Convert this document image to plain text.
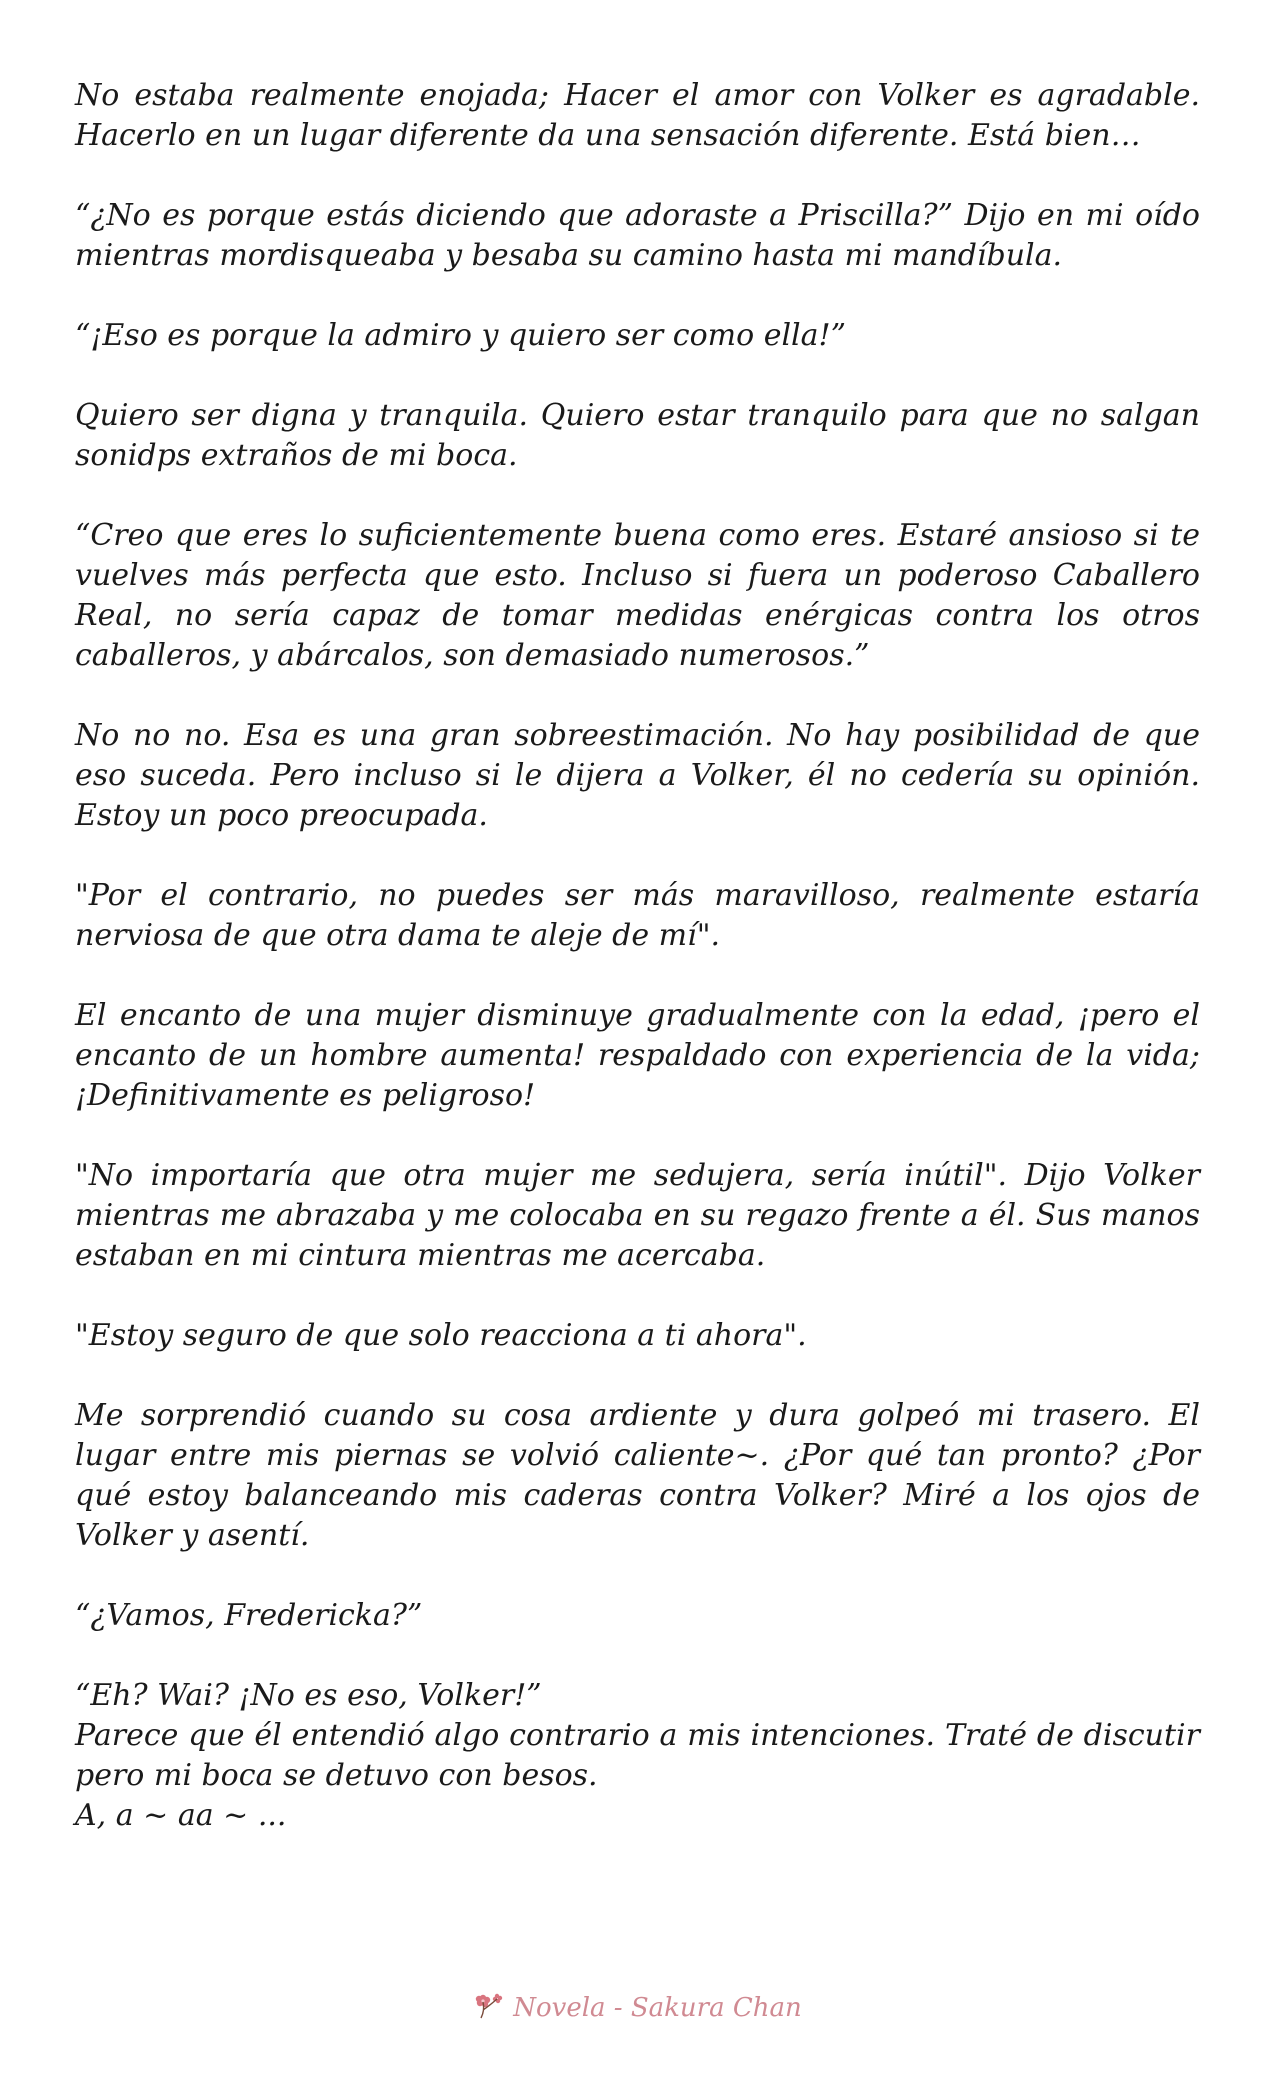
No estaba realmente enojada; Hacer el amor con Volker es agradable. Hacerlo en un lugar diferente da una sensación diferente. Está bien…

“¿No es porque estás diciendo que adoraste a Priscilla?” Dijo en mi oído mientras mordisqueaba y besaba su camino hasta mi mandíbula.

“¡Eso es porque la admiro y quiero ser como ella!”

Quiero ser digna y tranquila. Quiero estar tranquilo para que no salgan sonidps extraños de mi boca.

“Creo que eres lo suficientemente buena como eres. Estaré ansioso si te vuelves más perfecta que esto. Incluso si fuera un poderoso Caballero Real, no sería capaz de tomar medidas enérgicas contra los otros caballeros, y abárcalos, son demasiado numerosos.”

No no no. Esa es una gran sobreestimación. No hay posibilidad de que eso suceda. Pero incluso si le dijera a Volker, él no cedería su opinión. Estoy un poco preocupada.

"Por el contrario, no puedes ser más maravilloso, realmente estaría nerviosa de que otra dama te aleje de mí".

El encanto de una mujer disminuye gradualmente con la edad, ¡pero el encanto de un hombre aumenta! respaldado con experiencia de la vida; ¡Definitivamente es peligroso!

"No importaría que otra mujer me sedujera, sería inútil". Dijo Volker mientras me abrazaba y me colocaba en su regazo frente a él. Sus manos estaban en mi cintura mientras me acercaba.

"Estoy seguro de que solo reacciona a ti ahora".

Me sorprendió cuando su cosa ardiente y dura golpeó mi trasero. El lugar entre mis piernas se volvió caliente~. ¿Por qué tan pronto? ¿Por qué estoy balanceando mis caderas contra Volker? Miré a los ojos de Volker y asentí.

“¿Vamos, Fredericka?”

“Eh? Wai? ¡No es eso, Volker!”

Parece que él entendió algo contrario a mis intenciones. Traté de discutir pero mi boca se detuvo con besos.

A, a ~ aa ~ ...

Novela - Sakura Chan
